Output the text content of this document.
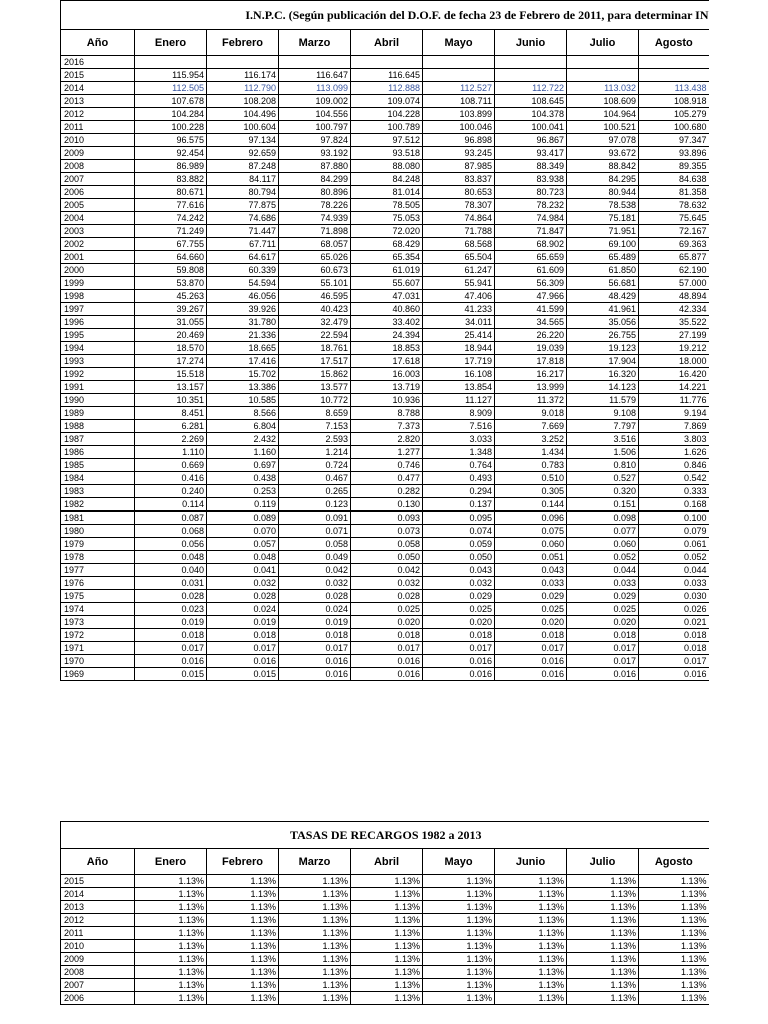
I.N.P.C. (Según publicación del D.O.F. de fecha 23 de Febrero de 2011, para determinar IN								
Año	Enero	Febrero	Marzo	Abril	Mayo	Junio	Julio	Agosto
2016								
2015	115.954	116.174	116.647	116.645				
2014	112.505	112.790	113.099	112.888	112.527	112.722	113.032	113.438
2013	107.678	108.208	109.002	109.074	108.711	108.645	108.609	108.918
2012	104.284	104.496	104.556	104.228	103.899	104.378	104.964	105.279
2011	100.228	100.604	100.797	100.789	100.046	100.041	100.521	100.680
2010	96.575	97.134	97.824	97.512	96.898	96.867	97.078	97.347
2009	92.454	92.659	93.192	93.518	93.245	93.417	93.672	93.896
2008	86.989	87.248	87.880	88.080	87.985	88.349	88.842	89.355
2007	83.882	84.117	84.299	84.248	83.837	83.938	84.295	84.638
2006	80.671	80.794	80.896	81.014	80.653	80.723	80.944	81.358
2005	77.616	77.875	78.226	78.505	78.307	78.232	78.538	78.632
2004	74.242	74.686	74.939	75.053	74.864	74.984	75.181	75.645
2003	71.249	71.447	71.898	72.020	71.788	71.847	71.951	72.167
2002	67.755	67.711	68.057	68.429	68.568	68.902	69.100	69.363
2001	64.660	64.617	65.026	65.354	65.504	65.659	65.489	65.877
2000	59.808	60.339	60.673	61.019	61.247	61.609	61.850	62.190
1999	53.870	54.594	55.101	55.607	55.941	56.309	56.681	57.000
1998	45.263	46.056	46.595	47.031	47.406	47.966	48.429	48.894
1997	39.267	39.926	40.423	40.860	41.233	41.599	41.961	42.334
1996	31.055	31.780	32.479	33.402	34.011	34.565	35.056	35.522
1995	20.469	21.336	22.594	24.394	25.414	26.220	26.755	27.199
1994	18.570	18.665	18.761	18.853	18.944	19.039	19.123	19.212
1993	17.274	17.416	17.517	17.618	17.719	17.818	17.904	18.000
1992	15.518	15.702	15.862	16.003	16.108	16.217	16.320	16.420
1991	13.157	13.386	13.577	13.719	13.854	13.999	14.123	14.221
1990	10.351	10.585	10.772	10.936	11.127	11.372	11.579	11.776
1989	8.451	8.566	8.659	8.788	8.909	9.018	9.108	9.194
1988	6.281	6.804	7.153	7.373	7.516	7.669	7.797	7.869
1987	2.269	2.432	2.593	2.820	3.033	3.252	3.516	3.803
1986	1.110	1.160	1.214	1.277	1.348	1.434	1.506	1.626
1985	0.669	0.697	0.724	0.746	0.764	0.783	0.810	0.846
1984	0.416	0.438	0.467	0.477	0.493	0.510	0.527	0.542
1983	0.240	0.253	0.265	0.282	0.294	0.305	0.320	0.333
1982	0.114	0.119	0.123	0.130	0.137	0.144	0.151	0.168
1981	0.087	0.089	0.091	0.093	0.095	0.096	0.098	0.100
1980	0.068	0.070	0.071	0.073	0.074	0.075	0.077	0.079
1979	0.056	0.057	0.058	0.058	0.059	0.060	0.060	0.061
1978	0.048	0.048	0.049	0.050	0.050	0.051	0.052	0.052
1977	0.040	0.041	0.042	0.042	0.043	0.043	0.044	0.044
1976	0.031	0.032	0.032	0.032	0.032	0.033	0.033	0.033
1975	0.028	0.028	0.028	0.028	0.029	0.029	0.029	0.030
1974	0.023	0.024	0.024	0.025	0.025	0.025	0.025	0.026
1973	0.019	0.019	0.019	0.020	0.020	0.020	0.020	0.021
1972	0.018	0.018	0.018	0.018	0.018	0.018	0.018	0.018
1971	0.017	0.017	0.017	0.017	0.017	0.017	0.017	0.018
1970	0.016	0.016	0.016	0.016	0.016	0.016	0.017	0.017
1969	0.015	0.015	0.016	0.016	0.016	0.016	0.016	0.016
TASAS DE RECARGOS 1982 a 2013								
Año	Enero	Febrero	Marzo	Abril	Mayo	Junio	Julio	Agosto
2015	1.13%	1.13%	1.13%	1.13%	1.13%	1.13%	1.13%	1.13%
2014	1.13%	1.13%	1.13%	1.13%	1.13%	1.13%	1.13%	1.13%
2013	1.13%	1.13%	1.13%	1.13%	1.13%	1.13%	1.13%	1.13%
2012	1.13%	1.13%	1.13%	1.13%	1.13%	1.13%	1.13%	1.13%
2011	1.13%	1.13%	1.13%	1.13%	1.13%	1.13%	1.13%	1.13%
2010	1.13%	1.13%	1.13%	1.13%	1.13%	1.13%	1.13%	1.13%
2009	1.13%	1.13%	1.13%	1.13%	1.13%	1.13%	1.13%	1.13%
2008	1.13%	1.13%	1.13%	1.13%	1.13%	1.13%	1.13%	1.13%
2007	1.13%	1.13%	1.13%	1.13%	1.13%	1.13%	1.13%	1.13%
2006	1.13%	1.13%	1.13%	1.13%	1.13%	1.13%	1.13%	1.13%
